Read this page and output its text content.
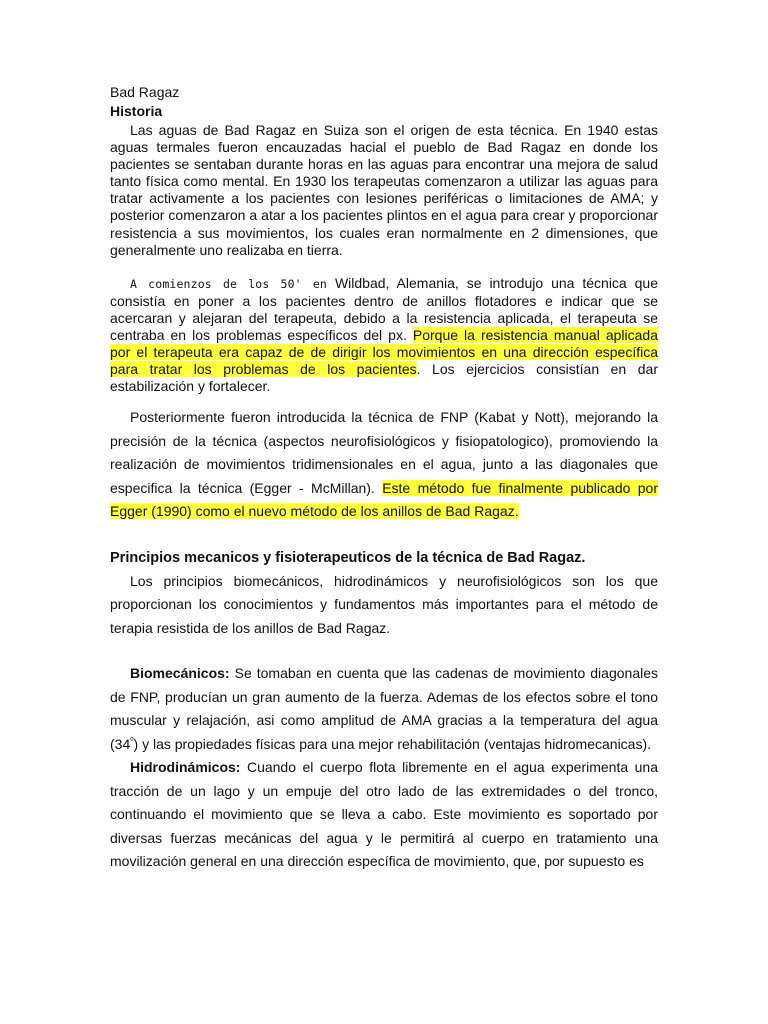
Bad Ragaz

Historia

Las aguas de Bad Ragaz en Suiza son el origen de esta técnica. En 1940 estas aguas termales fueron encauzadas hacial el pueblo de Bad Ragaz en donde los pacientes se sentaban durante horas en las aguas para encontrar una mejora de salud tanto física como mental. En 1930 los terapeutas comenzaron a utilizar las aguas para tratar activamente a los pacientes con lesiones periféricas o limitaciones de AMA; y posterior comenzaron a atar a los pacientes plintos en el agua para crear y proporcionar resistencia a sus movimientos, los cuales eran normalmente en 2 dimensiones, que generalmente uno realizaba en tierra.

A comienzos de los 50' en Wildbad, Alemania, se introdujo una técnica que consistía en poner a los pacientes dentro de anillos flotadores e indicar que se acercaran y alejaran del terapeuta, debido a la resistencia aplicada, el terapeuta se centraba en los problemas específicos del px. Porque la resistencia manual aplicada por el terapeuta era capaz de de dirigir los movimientos en una dirección específica para tratar los problemas de los pacientes. Los ejercicios consistían en dar estabilización y fortalecer.

Posteriormente fueron introducida la técnica de FNP (Kabat y Nott), mejorando la precisión de la técnica (aspectos neurofisiológicos y fisiopatologico), promoviendo la realización de movimientos tridimensionales en el agua, junto a las diagonales que especifica la técnica (Egger - McMillan). Este método fue finalmente publicado por Egger (1990) como el nuevo método de los anillos de Bad Ragaz.

Principios mecanicos y fisioterapeuticos de la técnica de Bad Ragaz.

Los principios biomecánicos, hidrodinámicos y neurofisiológicos son los que proporcionan los conocimientos y fundamentos más importantes para el método de terapia resistida de los anillos de Bad Ragaz.

Biomecánicos: Se tomaban en cuenta que las cadenas de movimiento diagonales de FNP, producían un gran aumento de la fuerza. Ademas de los efectos sobre el tono muscular y relajación, asi como amplitud de AMA gracias a la temperatura del agua $(34^º)$ y las propiedades físicas para una mejor rehabilitación (ventajas hidromecanicas).

Hidrodinámicos: Cuando el cuerpo flota libremente en el agua experimenta una tracción de un lago y un empuje del otro lado de las extremidades o del tronco, continuando el movimiento que se lleva a cabo. Este movimiento es soportado por diversas fuerzas mecánicas del agua y le permitirá al cuerpo en tratamiento una movilización general en una dirección específica de movimiento, que, por supuesto es
